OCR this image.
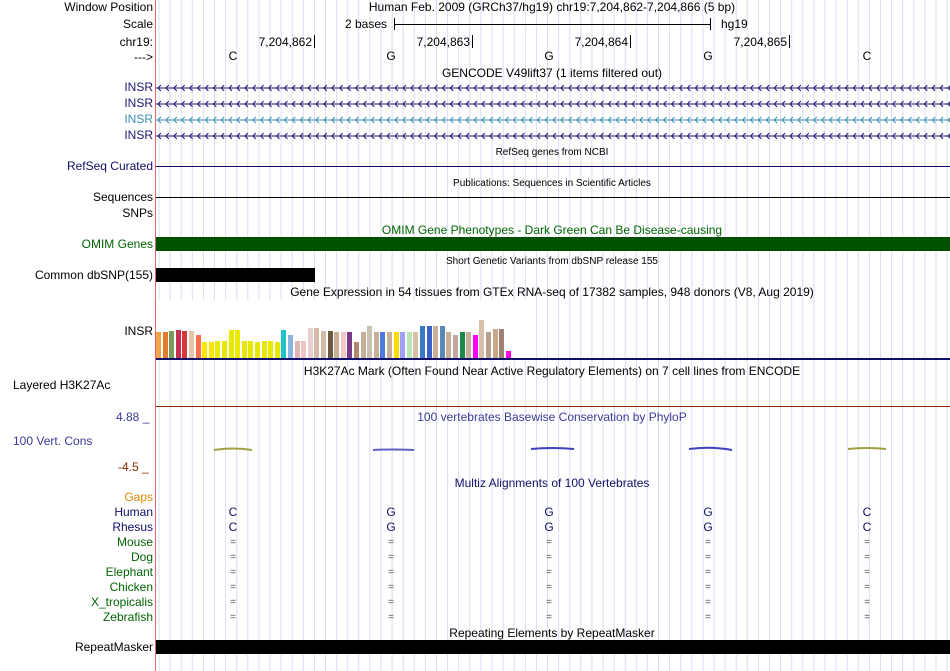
Window Position	Human Feb. 2009 (GRCh37/hg19) chr19:7,204,862-7,204,866 (5 bp)
Scale	2 bases	hg19
chr19:	7,204,862	7,204,863	7,204,864	7,204,865
--->	C	G	G	G	C
GENCODE V49lift37 (1 items filtered out)
INSR
INSR
INSR
INSR
RefSeq genes from NCBI
RefSeq Curated
Publications: Sequences in Scientific Articles
Sequences
SNPs
OMIM Gene Phenotypes - Dark Green Can Be Disease-causing
OMIM Genes
Short Genetic Variants from dbSNP release 155
Common dbSNP(155)
Gene Expression in 54 tissues from GTEx RNA-seq of 17382 samples, 948 donors (V8, Aug 2019)
INSR
H3K27Ac Mark (Often Found Near Active Regulatory Elements) on 7 cell lines from ENCODE
Layered H3K27Ac
4.88 _	100 vertebrates Basewise Conservation by PhyloP
100 Vert. Cons
-4.5 _
Multiz Alignments of 100 Vertebrates
Gaps
Human	C	G	G	G	C
Rhesus	C	G	G	G	C
Mouse	=	=	=	=	=
Dog	=	=	=	=	=
Elephant	=	=	=	=	=
Chicken	=	=	=	=	=
X_tropicalis	=	=	=	=	=
Zebrafish	=	=	=	=	=
Repeating Elements by RepeatMasker
RepeatMasker
